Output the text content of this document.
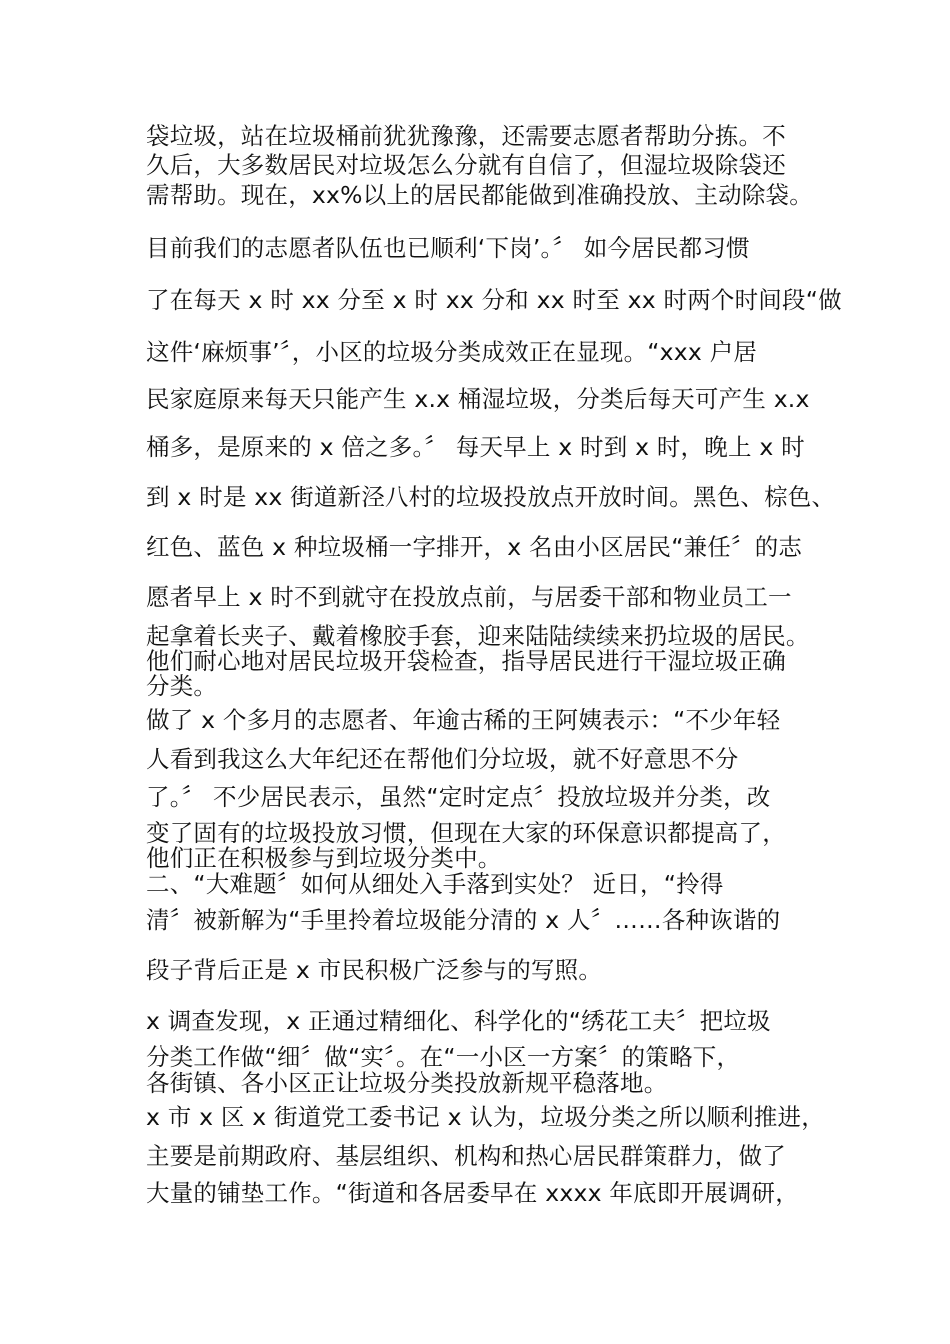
袋垃圾，站在垃圾桶前犹犹豫豫，还需要志愿者帮助分拣。不
久后，大多数居民对垃圾怎么分就有自信了，但湿垃圾除袋还
需帮助。现在，xx%以上的居民都能做到准确投放、主动除袋。
目前我们的志愿者队伍也已顺利‘下岗’。〞 如今居民都习惯
了在每天 x 时 xx 分至 x 时 xx 分和 xx 时至 xx 时两个时间段“做
这件‘麻烦事’〞，小区的垃圾分类成效正在显现。“xxx 户居
民家庭原来每天只能产生 x.x 桶湿垃圾，分类后每天可产生 x.x
桶多，是原来的 x 倍之多。〞 每天早上 x 时到 x 时，晚上 x 时
到 x 时是 xx 街道新泾八村的垃圾投放点开放时间。黑色、棕色、
红色、蓝色 x 种垃圾桶一字排开，x 名由小区居民“兼任〞的志
愿者早上 x 时不到就守在投放点前，与居委干部和物业员工一
起拿着长夹子、戴着橡胶手套，迎来陆陆续续来扔垃圾的居民。
他们耐心地对居民垃圾开袋检查，指导居民进行干湿垃圾正确
分类。
做了 x 个多月的志愿者、年逾古稀的王阿姨表示：“不少年轻
人看到我这么大年纪还在帮他们分垃圾，就不好意思不分
了。〞 不少居民表示，虽然“定时定点〞投放垃圾并分类，改
变了固有的垃圾投放习惯，但现在大家的环保意识都提高了，
他们正在积极参与到垃圾分类中。
二、“大难题〞如何从细处入手落到实处？ 近日，“拎得
清〞被新解为“手里拎着垃圾能分清的 x 人〞……各种诙谐的
段子背后正是 x 市民积极广泛参与的写照。
x 调查发现，x 正通过精细化、科学化的“绣花工夫〞把垃圾
分类工作做“细〞做“实〞。在“一小区一方案〞的策略下，
各街镇、各小区正让垃圾分类投放新规平稳落地。
x 市 x 区 x 街道党工委书记 x 认为，垃圾分类之所以顺利推进，
主要是前期政府、基层组织、机构和热心居民群策群力，做了
大量的铺垫工作。“街道和各居委早在 xxxx 年底即开展调研，
